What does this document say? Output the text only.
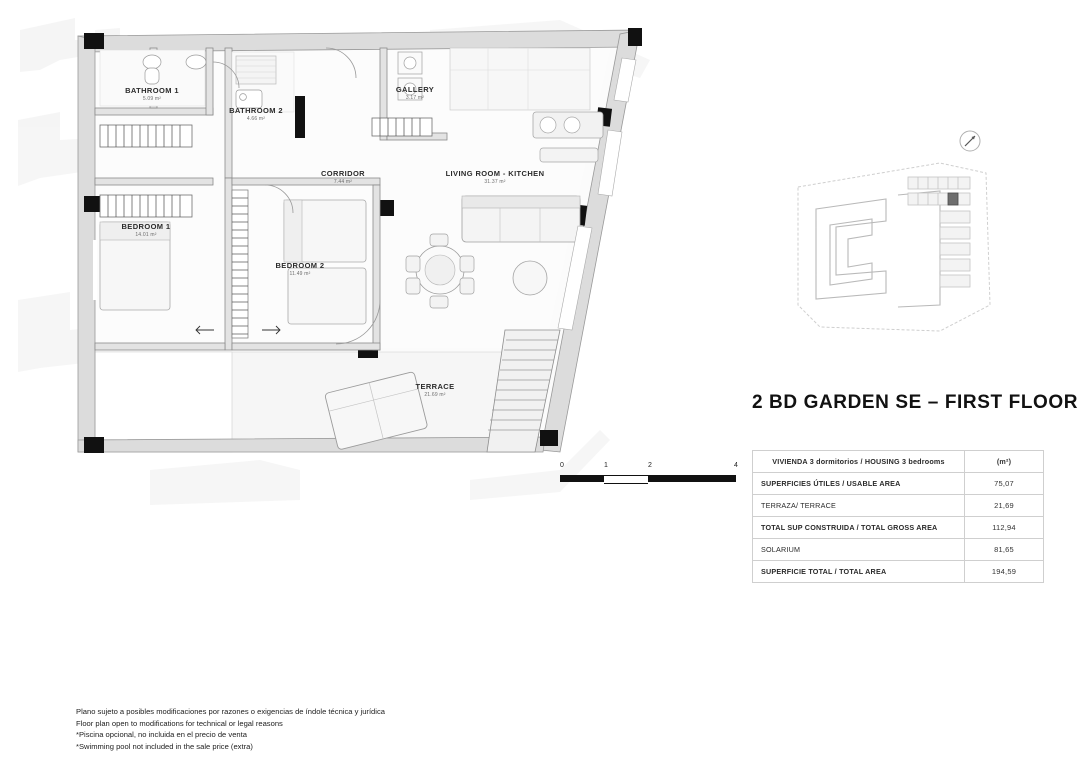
BATHROOM 1
5.09 m²
BATHROOM 2
4.66 m²
GALLERY
3.17 m²
CORRIDOR
7.44 m²
LIVING ROOM - KITCHEN
31.37 m²
BEDROOM 1
14.01 m²
BEDROOM 2
11.49 m²
TERRACE
21.69 m²
0	1	2	4
2 BD GARDEN SE – FIRST FLOOR
VIVIENDA 3 dormitorios / HOUSING 3 bedrooms	(m²)
SUPERFICIES ÚTILES / USABLE AREA	75,07
TERRAZA/ TERRACE	21,69
TOTAL SUP CONSTRUIDA / TOTAL GROSS AREA	112,94
SOLARIUM	81,65
SUPERFICIE TOTAL / TOTAL AREA	194,59
Plano sujeto a posibles modificaciones por razones o exigencias de índole técnica y jurídica
Floor plan open to modifications for technical or legal reasons
*Piscina opcional, no incluida en el precio de venta
*Swimming pool not included in the sale price (extra)
